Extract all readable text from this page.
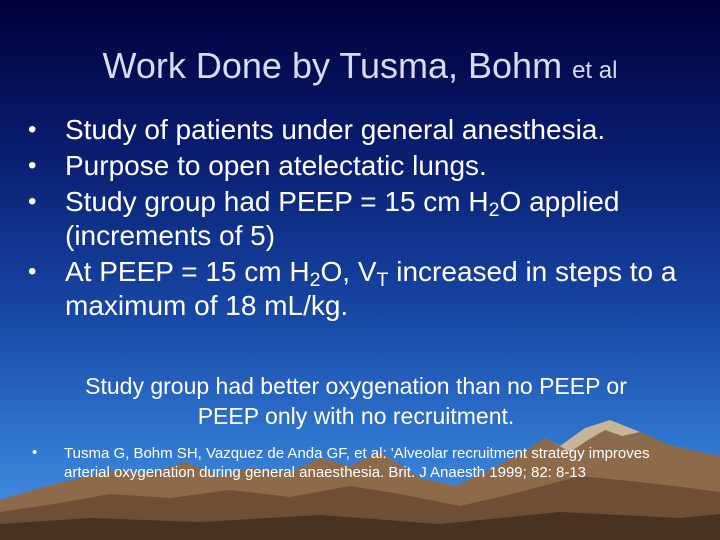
Work Done by Tusma, Bohm et al
• Study of patients under general anesthesia.
• Purpose to open atelectatic lungs.
• Study group had PEEP = 15 cm $H_2O$ applied (increments of 5)
• At PEEP = 15 cm $H_2O$, $V_T$ increased in steps to a maximum of 18 mL/kg.
Study group had better oxygenation than no PEEP or PEEP only with no recruitment.
• Tusma G, Bohm SH, Vazquez de Anda GF, et al: 'Alveolar recruitment strategy improves arterial oxygenation during general anaesthesia. Brit. J Anaesth 1999; 82: 8-13
